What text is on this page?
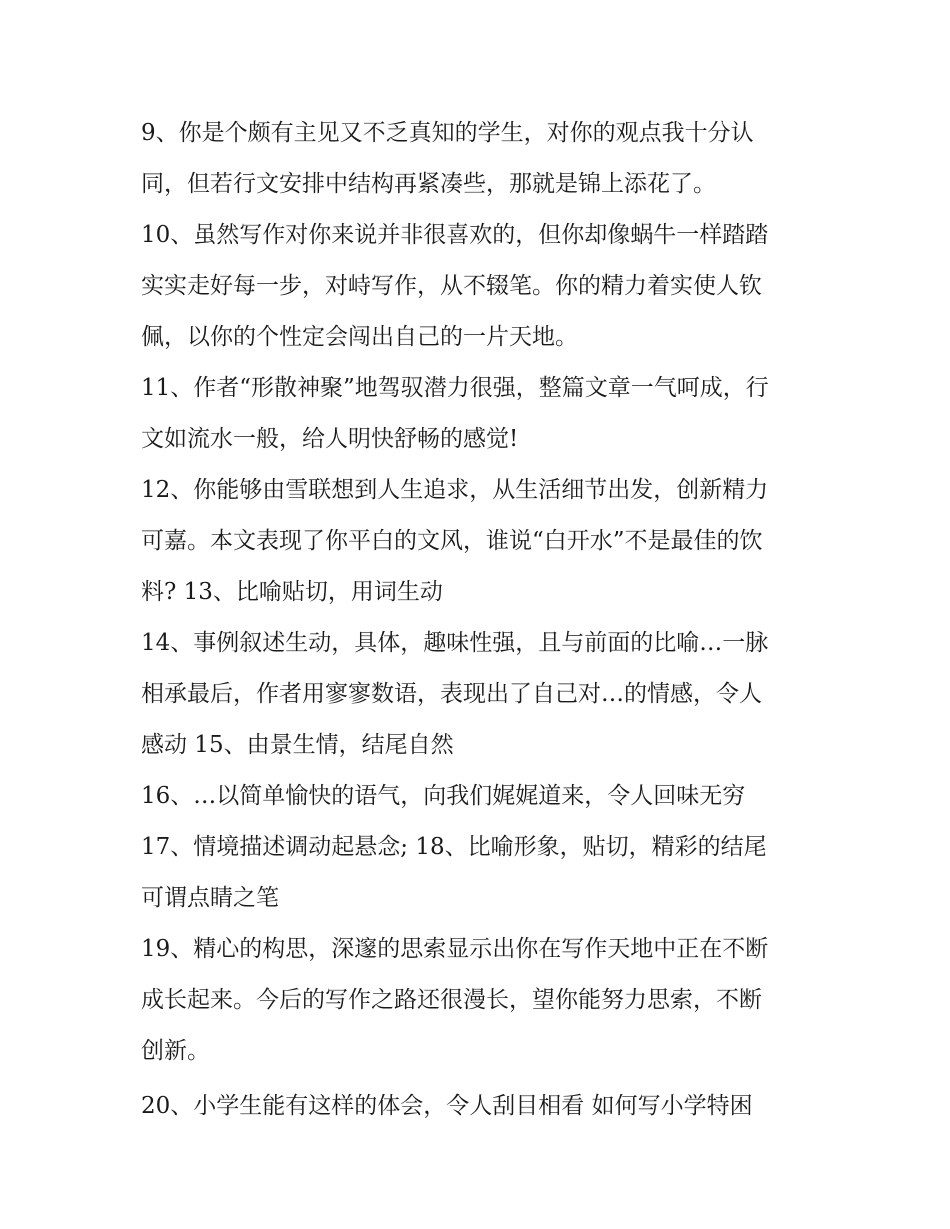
9、你是个颇有主见又不乏真知的学生，对你的观点我十分认
同，但若行文安排中结构再紧凑些，那就是锦上添花了。
10、虽然写作对你来说并非很喜欢的，但你却像蜗牛一样踏踏
实实走好每一步，对峙写作，从不辍笔。你的精力着实使人钦
佩，以你的个性定会闯出自己的一片天地。
11、作者“形散神聚”地驾驭潜力很强，整篇文章一气呵成，行
文如流水一般，给人明快舒畅的感觉!
12、你能够由雪联想到人生追求，从生活细节出发，创新精力
可嘉。本文表现了你平白的文风，谁说“白开水”不是最佳的饮
料? 13、比喻贴切，用词生动
14、事例叙述生动，具体，趣味性强，且与前面的比喻…一脉
相承最后，作者用寥寥数语，表现出了自己对…的情感，令人
感动 15、由景生情，结尾自然
16、…以简单愉快的语气，向我们娓娓道来，令人回味无穷
17、情境描述调动起悬念; 18、比喻形象，贴切，精彩的结尾
可谓点睛之笔
19、精心的构思，深邃的思索显示出你在写作天地中正在不断
成长起来。今后的写作之路还很漫长，望你能努力思索，不断
创新。
20、小学生能有这样的体会，令人刮目相看 如何写小学特困
